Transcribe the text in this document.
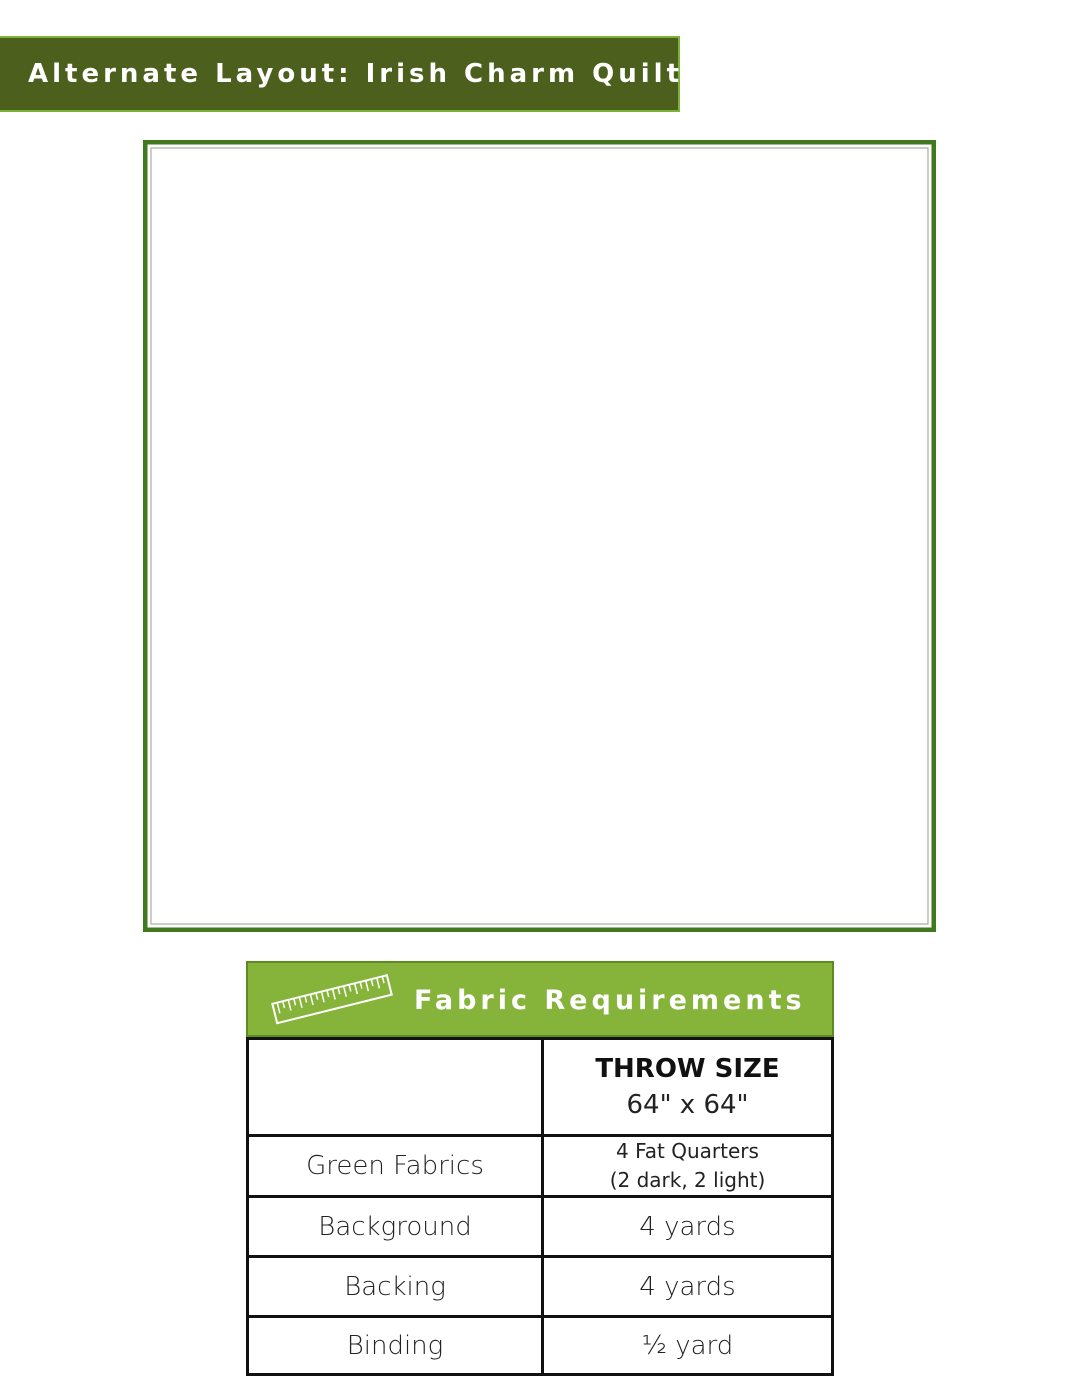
Alternate Layout: Irish Charm Quilt
Fabric Requirements

	THROW SIZE
64" x 64"

Green Fabrics	4 Fat Quarters
(2 dark, 2 light)

Background	4 yards
Backing	4 yards
Binding	½ yard
